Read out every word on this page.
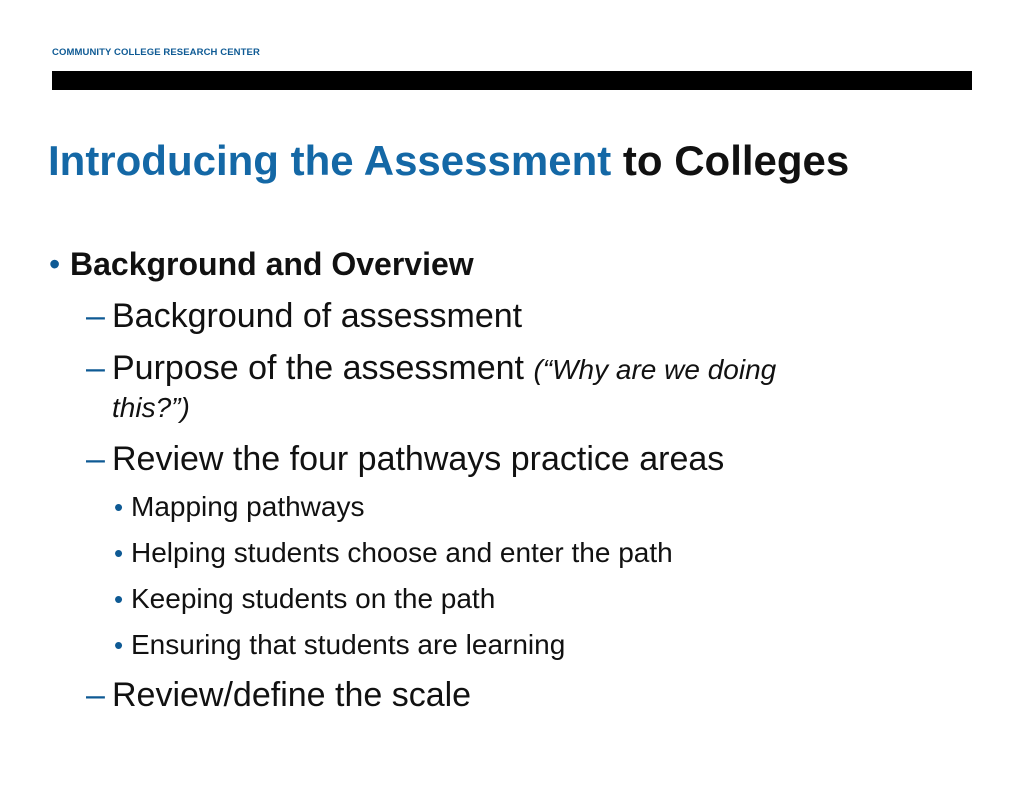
COMMUNITY COLLEGE RESEARCH CENTER
Introducing the Assessment to Colleges
• Background and Overview
– Background of assessment
– Purpose of the assessment (“Why are we doing
this?”)
– Review the four pathways practice areas
• Mapping pathways
• Helping students choose and enter the path
• Keeping students on the path
• Ensuring that students are learning
– Review/define the scale
